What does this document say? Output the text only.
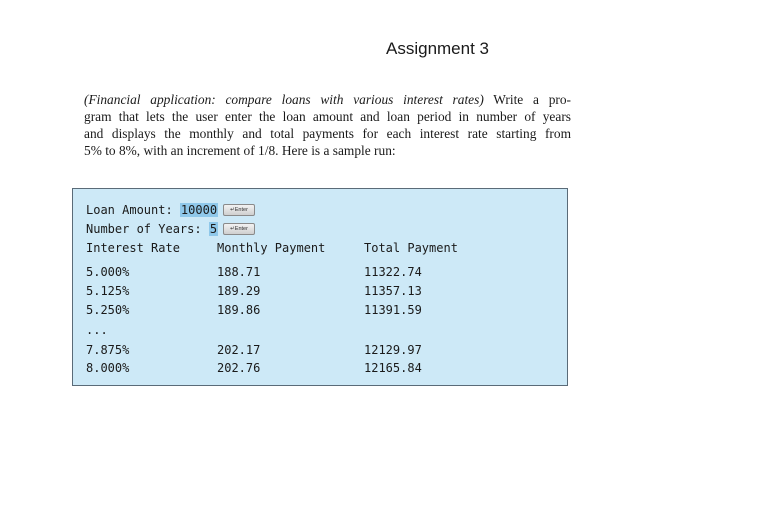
Assignment 3
(Financial application: compare loans with various interest rates) Write a pro-
gram that lets the user enter the loan amount and loan period in number of years
and displays the monthly and total payments for each interest rate starting from
5% to 8%, with an increment of 1/8. Here is a sample run:
Loan Amount: 10000 ↵Enter
Number of Years: 5 ↵Enter
Interest Rate	Monthly Payment	Total Payment
5.000%	188.71	11322.74
5.125%	189.29	11357.13
5.250%	189.86	11391.59
...
7.875%	202.17	12129.97
8.000%	202.76	12165.84
